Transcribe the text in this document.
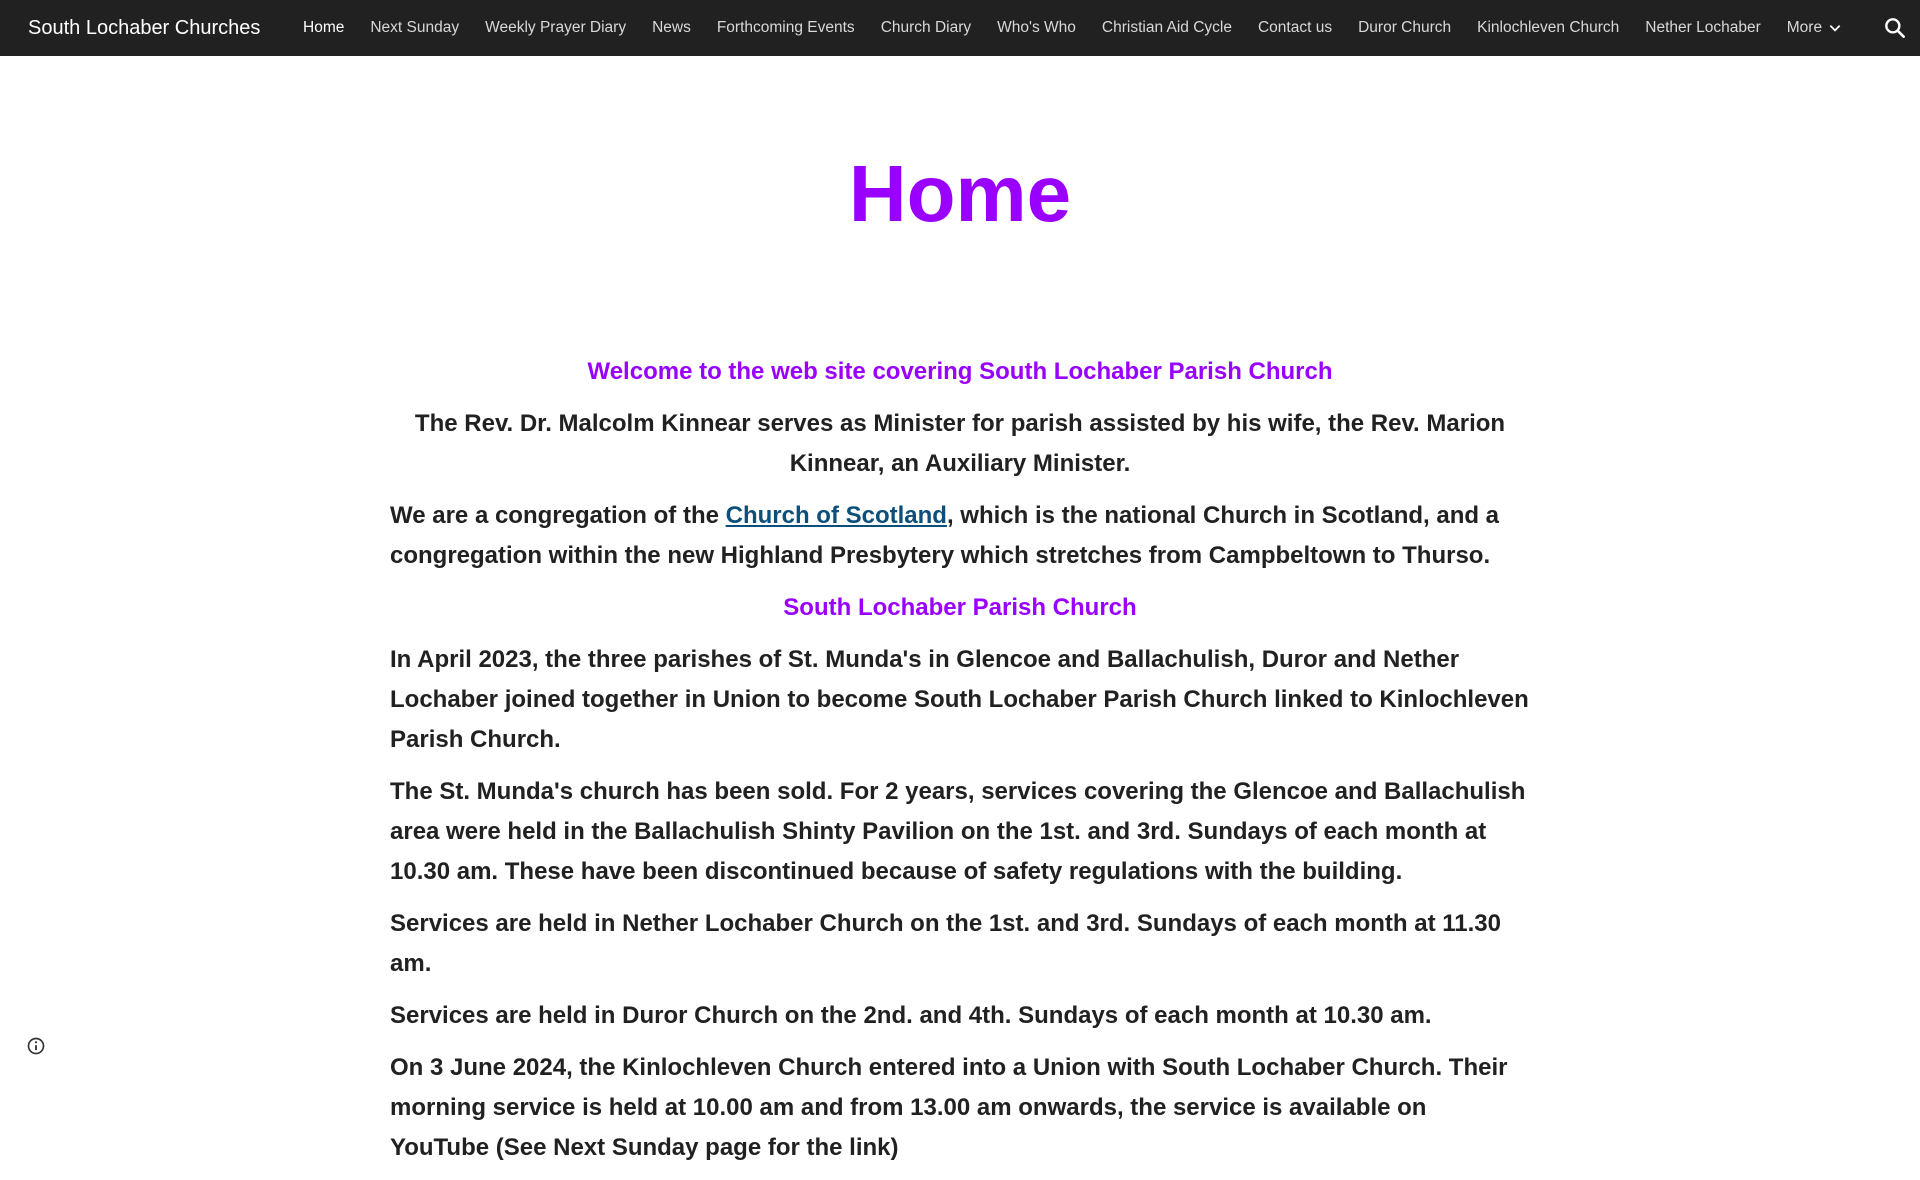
South Lochaber Churches	Home Next Sunday Weekly Prayer Diary News Forthcoming Events Church Diary Who's Who Christian Aid Cycle Contact us Duror Church Kinlochleven Church Nether Lochaber More
Home

Welcome to the web site covering South Lochaber Parish Church

The Rev. Dr. Malcolm Kinnear serves as Minister for parish assisted by his wife, the Rev. Marion Kinnear, an Auxiliary Minister.

We are a congregation of the Church of Scotland, which is the national Church in Scotland, and a congregation within the new Highland Presbytery which stretches from Campbeltown to Thurso.

South Lochaber Parish Church

In April 2023, the three parishes of St. Munda's in Glencoe and Ballachulish, Duror and Nether Lochaber joined together in Union to become South Lochaber Parish Church linked to Kinlochleven Parish Church.

The St. Munda's church has been sold. For 2 years, services covering the Glencoe and Ballachulish area were held in the Ballachulish Shinty Pavilion on the 1st. and 3rd. Sundays of each month at 10.30 am. These have been discontinued because of safety regulations with the building.

Services are held in Nether Lochaber Church on the 1st. and 3rd. Sundays of each month at 11.30 am.

Services are held in Duror Church on the 2nd. and 4th. Sundays of each month at 10.30 am.

On 3 June 2024, the Kinlochleven Church entered into a Union with South Lochaber Church. Their morning service is held at 10.00 am and from 13.00 am onwards, the service is available on YouTube (See Next Sunday page for the link)
